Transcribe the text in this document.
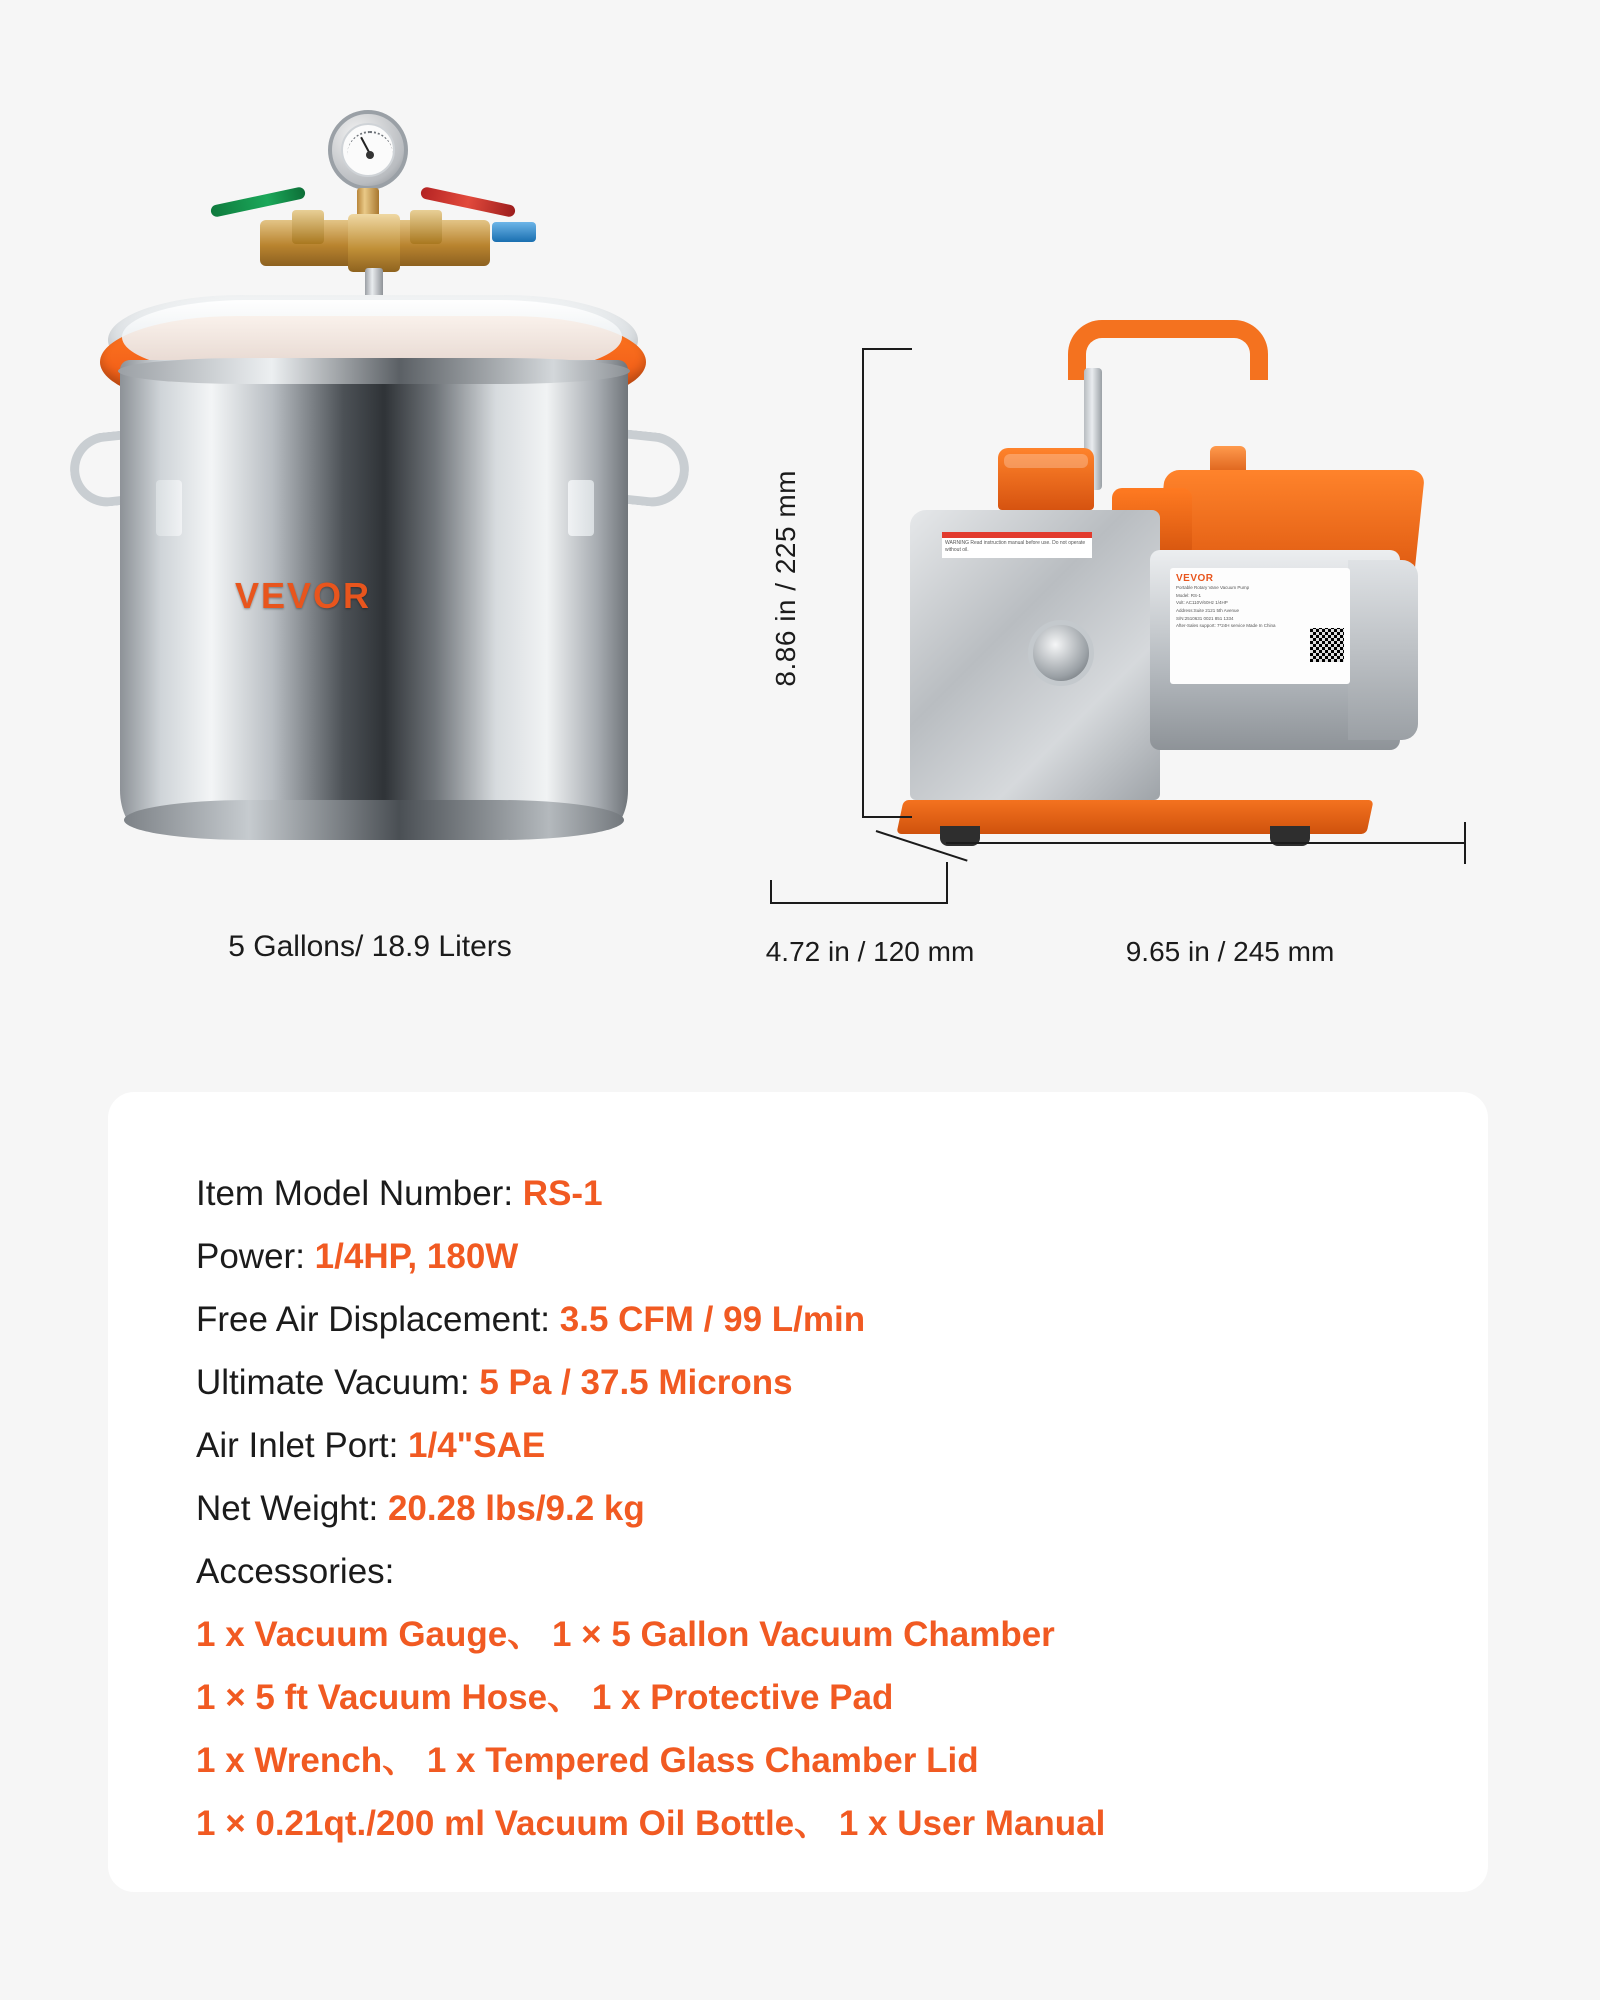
VEVOR
5 Gallons/ 18.9 Liters
WARNING Read instruction manual before use. Do not operate without oil.
VEVOR
Portable Rotary Vane Vacuum Pump
Model: RS-1
Volt: AC110V/60Hz 1/4HP
Address:Suite 2121 5th Avenue
S/N:2510631 0021 851 1334
After-Sales support: 7*24H service Made In China
8.86 in / 225 mm
4.72 in / 120 mm	9.65 in / 245 mm
Item Model Number: RS-1
Power: 1/4HP, 180W
Free Air Displacement: 3.5 CFM / 99 L/min
Ultimate Vacuum: 5 Pa / 37.5 Microns
Air Inlet Port: 1/4"SAE
Net Weight: 20.28 lbs/9.2 kg
Accessories:
1 x Vacuum Gauge、 1 × 5 Gallon Vacuum Chamber
1 × 5 ft Vacuum Hose、 1 x Protective Pad
1 x Wrench、 1 x Tempered Glass Chamber Lid
1 × 0.21qt./200 ml Vacuum Oil Bottle、 1 x User Manual
